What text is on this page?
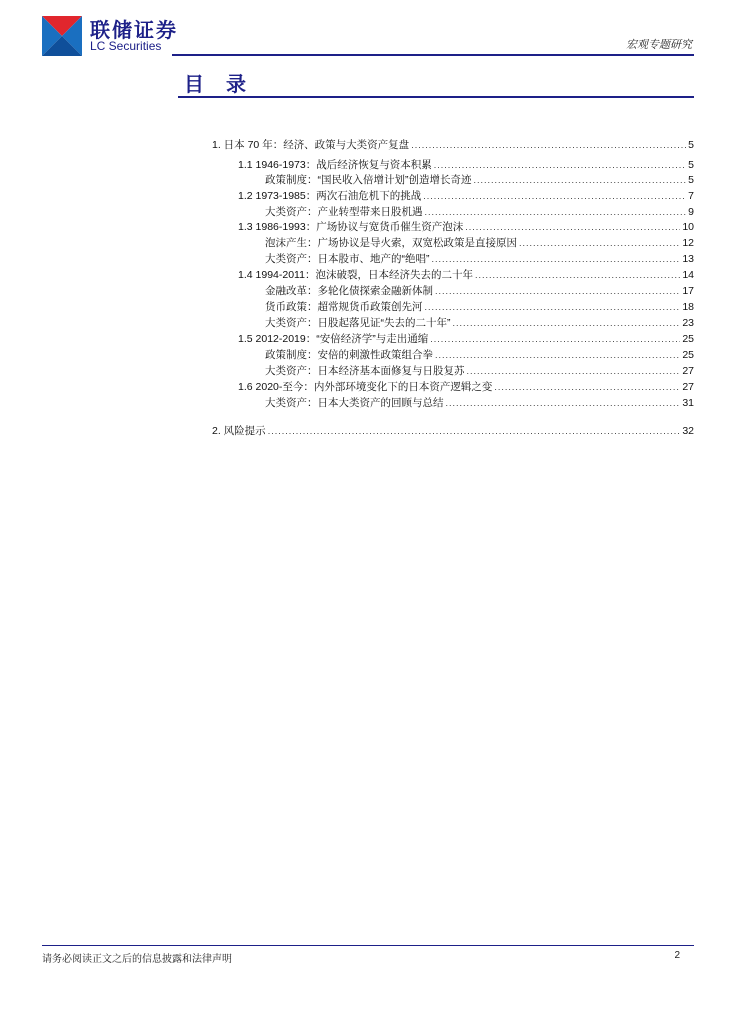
联储证券
LC Securities	宏观专题研究
目录
1. 日本 70 年：经济、政策与大类资产复盘 .....	5
1.1 1946-1973：战后经济恢复与资本积累 .....	5
政策制度：“国民收入倍增计划”创造增长奇迹 .....	5
1.2 1973-1985：两次石油危机下的挑战 .....	7
大类资产：产业转型带来日股机遇 .....	9
1.3 1986-1993：广场协议与宽货币催生资产泡沫 .....	10
泡沫产生：广场协议是导火索，双宽松政策是直接原因 .....	12
大类资产：日本股市、地产的“绝唱” .....	13
1.4 1994-2011：泡沫破裂，日本经济失去的二十年 .....	14
金融改革：多轮化债探索金融新体制 .....	17
货币政策：超常规货币政策创先河 .....	18
大类资产：日股起落见证“失去的二十年” .....	23
1.5 2012-2019：“安倍经济学”与走出通缩 .....	25
政策制度：安倍的刺激性政策组合拳 .....	25
大类资产：日本经济基本面修复与日股复苏 .....	27
1.6 2020-至今：内外部环境变化下的日本资产逻辑之变 .....	27
大类资产：日本大类资产的回顾与总结 .....	31
2. 风险提示 .....	32
请务必阅读正文之后的信息披露和法律声明	2
